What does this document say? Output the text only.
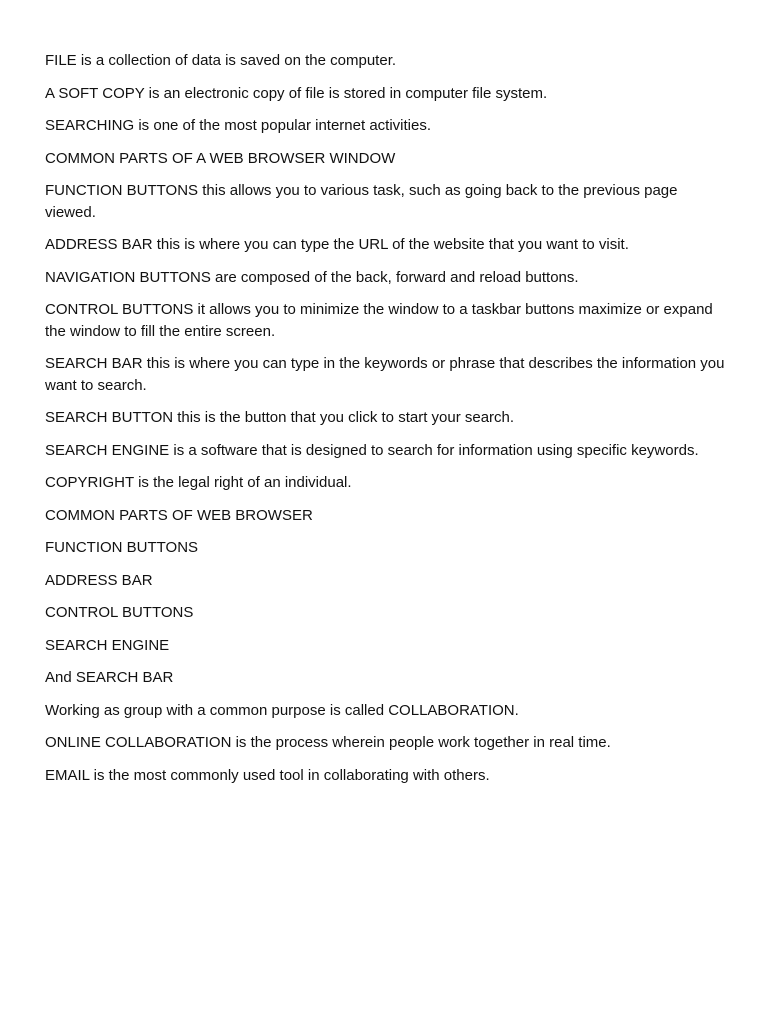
FILE is a collection of data is saved on the computer.

A SOFT COPY is an electronic copy of file is stored in computer file system.

SEARCHING is one of the most popular internet activities.

COMMON PARTS OF A WEB BROWSER WINDOW

FUNCTION BUTTONS this allows you to various task, such as going back to the previous page viewed.

ADDRESS BAR this is where you can type the URL of the website that you want to visit.

NAVIGATION BUTTONS are composed of the back, forward and reload buttons.

CONTROL BUTTONS it allows you to minimize the window to a taskbar buttons maximize or expand the window to fill the entire screen.

SEARCH BAR this is where you can type in the keywords or phrase that describes the information you want to search.

SEARCH BUTTON this is the button that you click to start your search.

SEARCH ENGINE is a software that is designed to search for information using specific keywords.

COPYRIGHT is the legal right of an individual.

COMMON PARTS OF WEB BROWSER

FUNCTION BUTTONS

ADDRESS BAR

CONTROL BUTTONS

SEARCH ENGINE

And SEARCH BAR

Working as group with a common purpose is called COLLABORATION.

ONLINE COLLABORATION is the process wherein people work together in real time.

EMAIL is the most commonly used tool in collaborating with others.
